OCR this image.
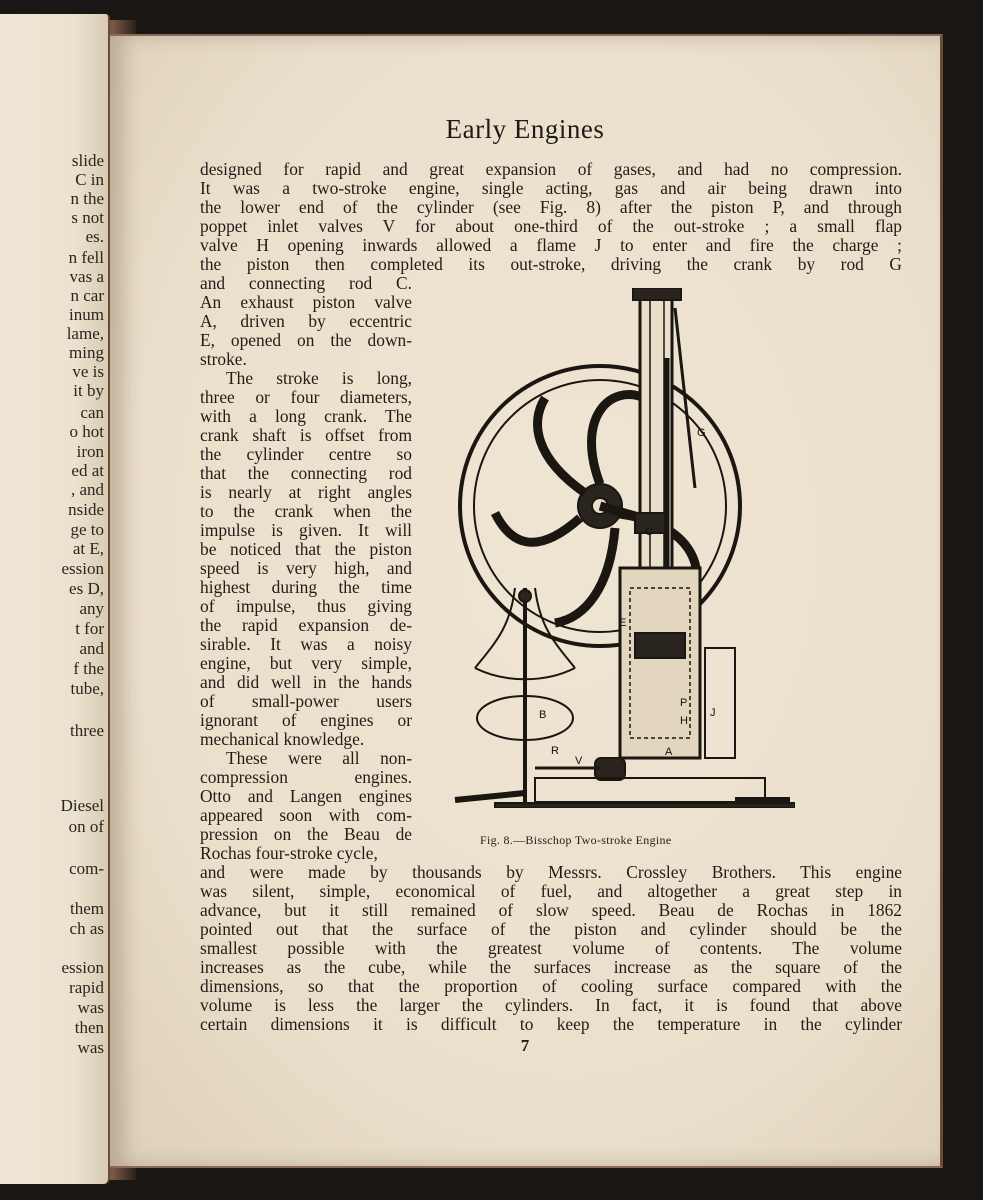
slide
C in
n the
s not
es.
n fell
vas a
n car
inum
lame,
ming
ve is
it by
can
o hot
iron
ed at
, and
nside
ge to
at E,
ession
es D,
any
t for
and
f the
tube,
three
Diesel
on of
com-
them
ch as
ession
rapid
was
then
was
Early Engines
designed for rapid and great expansion of gases, and had no compression.
It was a two-stroke engine, single acting, gas and air being drawn into
the lower end of the cylinder (see Fig. 8) after the piston P, and through
poppet inlet valves V for about one-third of the out-stroke ; a small flap
valve H opening inwards allowed a flame J to enter and fire the charge ;
the piston then completed its out-stroke, driving the crank by rod G
and connecting rod C.
An exhaust piston valve
A, driven by eccentric
E, opened on the down-
stroke.
The stroke is long,
three or four diameters,
with a long crank. The
crank shaft is offset from
the cylinder centre so
that the connecting rod
is nearly at right angles
to the crank when the
impulse is given. It will
be noticed that the piston
speed is very high, and
highest during the time
of impulse, thus giving
the rapid expansion de-
sirable. It was a noisy
engine, but very simple,
and did well in the hands
of small-power users
ignorant of engines or
mechanical knowledge.
These were all non-
compression engines.
Otto and Langen engines
appeared soon with com-
pression on the Beau de
Rochas four-stroke cycle,
G
C
E
B
R
V
P
H
J
A
Fig. 8.—Bisschop Two-stroke Engine
and were made by thousands by Messrs. Crossley Brothers. This engine
was silent, simple, economical of fuel, and altogether a great step in
advance, but it still remained of slow speed. Beau de Rochas in 1862
pointed out that the surface of the piston and cylinder should be the
smallest possible with the greatest volume of contents. The volume
increases as the cube, while the surfaces increase as the square of the
dimensions, so that the proportion of cooling surface compared with the
volume is less the larger the cylinders. In fact, it is found that above
certain dimensions it is difficult to keep the temperature in the cylinder
7
